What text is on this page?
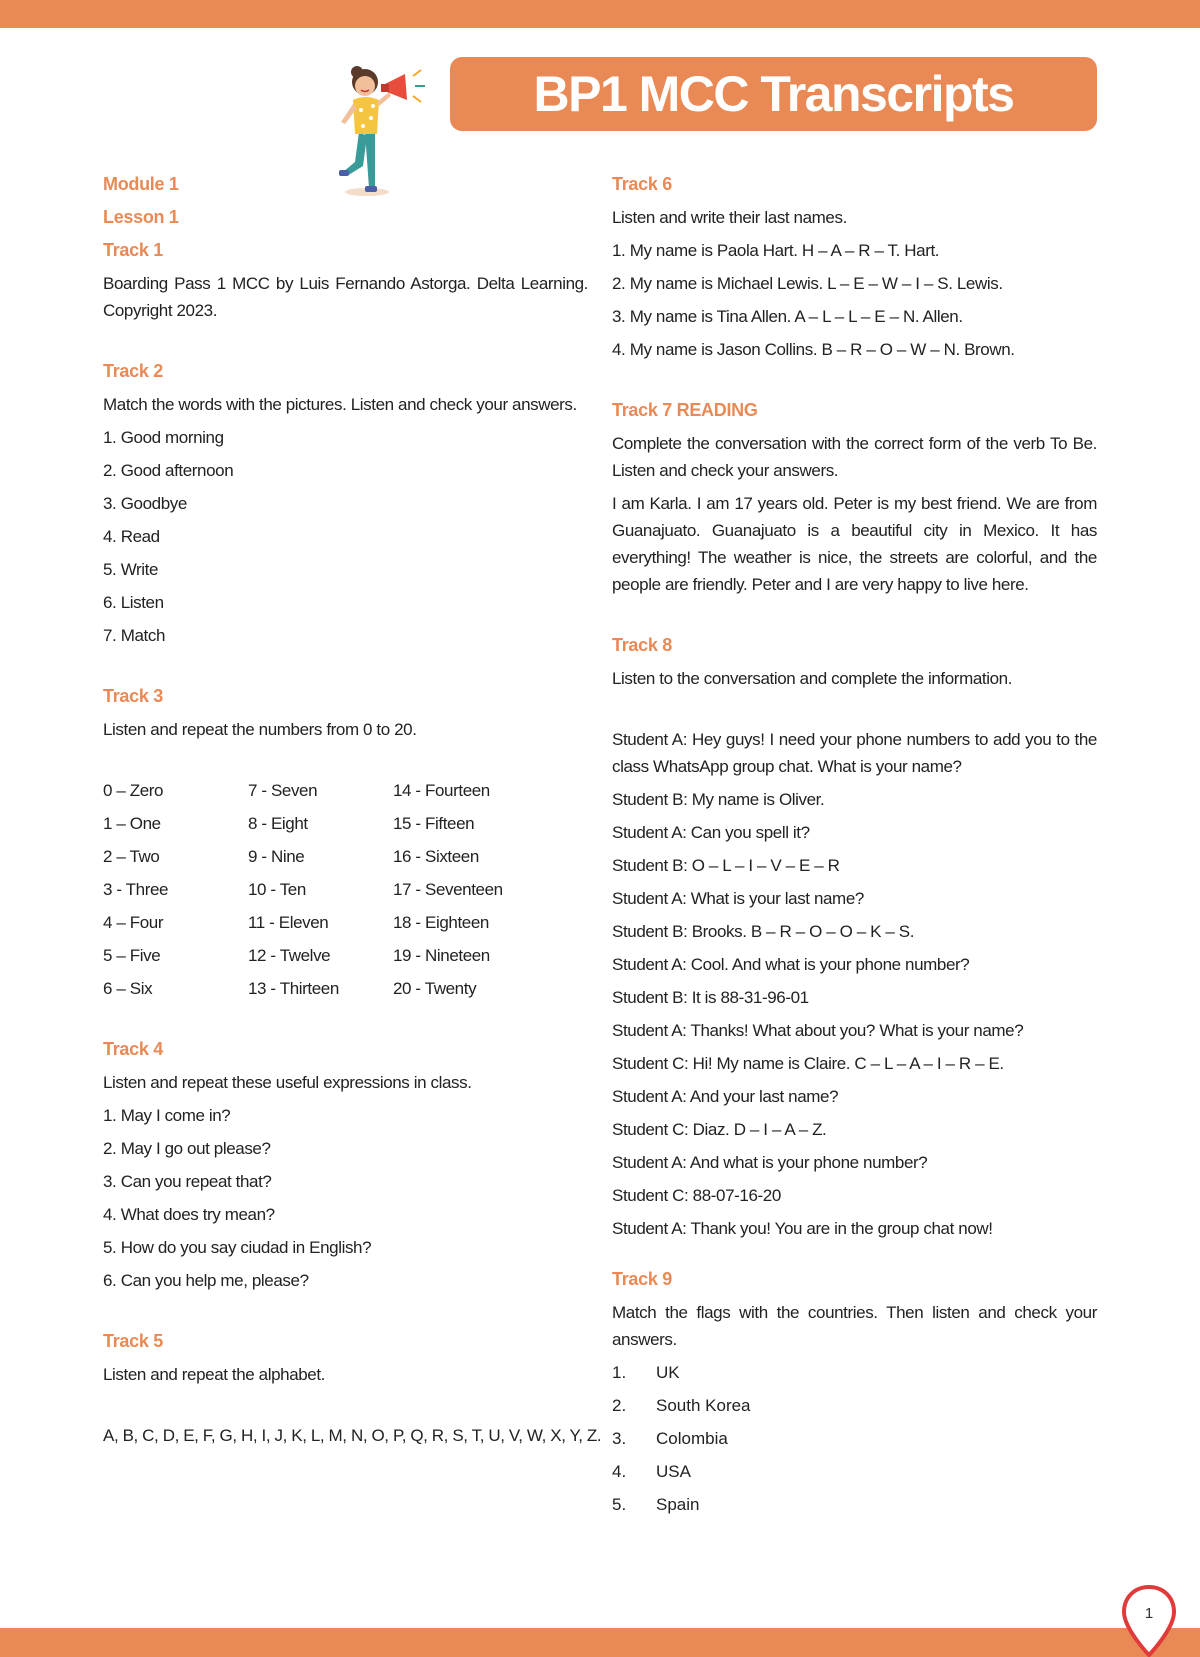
BP1 MCC Transcripts
Module 1
Lesson 1
Track 1
Boarding Pass 1 MCC by Luis Fernando Astorga. Delta Learning. Copyright 2023.
Track 2
Match the words with the pictures. Listen and check your answers.
1. Good morning
2. Good afternoon
3. Goodbye
4. Read
5. Write
6. Listen
7. Match
Track 3
Listen and repeat the numbers from 0 to 20.
0 – Zero	7 - Seven	14 - Fourteen
1 – One	8 - Eight	15 - Fifteen
2 – Two	9 - Nine	16 - Sixteen
3 - Three	10 - Ten	17 - Seventeen
4 – Four	11 - Eleven	18 - Eighteen
5 – Five	12 - Twelve	19 - Nineteen
6 – Six	13 - Thirteen	20 - Twenty
Track 4
Listen and repeat these useful expressions in class.
1. May I come in?
2. May I go out please?
3. Can you repeat that?
4. What does try mean?
5. How do you say ciudad in English?
6. Can you help me, please?
Track 5
Listen and repeat the alphabet.
A, B, C, D, E, F, G, H, I, J, K, L, M, N, O, P, Q, R, S, T, U, V, W, X, Y, Z.
Track 6
Listen and write their last names.
1. My name is Paola Hart. H – A – R – T. Hart.
2. My name is Michael Lewis. L – E – W – I – S. Lewis.
3. My name is Tina Allen. A – L – L – E – N. Allen.
4. My name is Jason Collins. B – R – O – W – N. Brown.
Track 7 READING
Complete the conversation with the correct form of the verb To Be. Listen and check your answers.
I am Karla. I am 17 years old. Peter is my best friend. We are from Guanajuato. Guanajuato is a beautiful city in Mexico. It has everything! The weather is nice, the streets are colorful, and the people are friendly. Peter and I are very happy to live here.
Track 8
Listen to the conversation and complete the information.
Student A: Hey guys! I need your phone numbers to add you to the class WhatsApp group chat. What is your name?
Student B: My name is Oliver.
Student A: Can you spell it?
Student B: O – L – I – V – E – R
Student A: What is your last name?
Student B: Brooks. B – R – O – O – K – S.
Student A: Cool. And what is your phone number?
Student B: It is 88-31-96-01
Student A: Thanks! What about you? What is your name?
Student C: Hi! My name is Claire. C – L – A – I – R – E.
Student A: And your last name?
Student C: Diaz. D – I – A – Z.
Student A: And what is your phone number?
Student C: 88-07-16-20
Student A: Thank you! You are in the group chat now!
Track 9
Match the flags with the countries. Then listen and check your answers.
1.	UK
2.	South Korea
3.	Colombia
4.	USA
5.	Spain
1
